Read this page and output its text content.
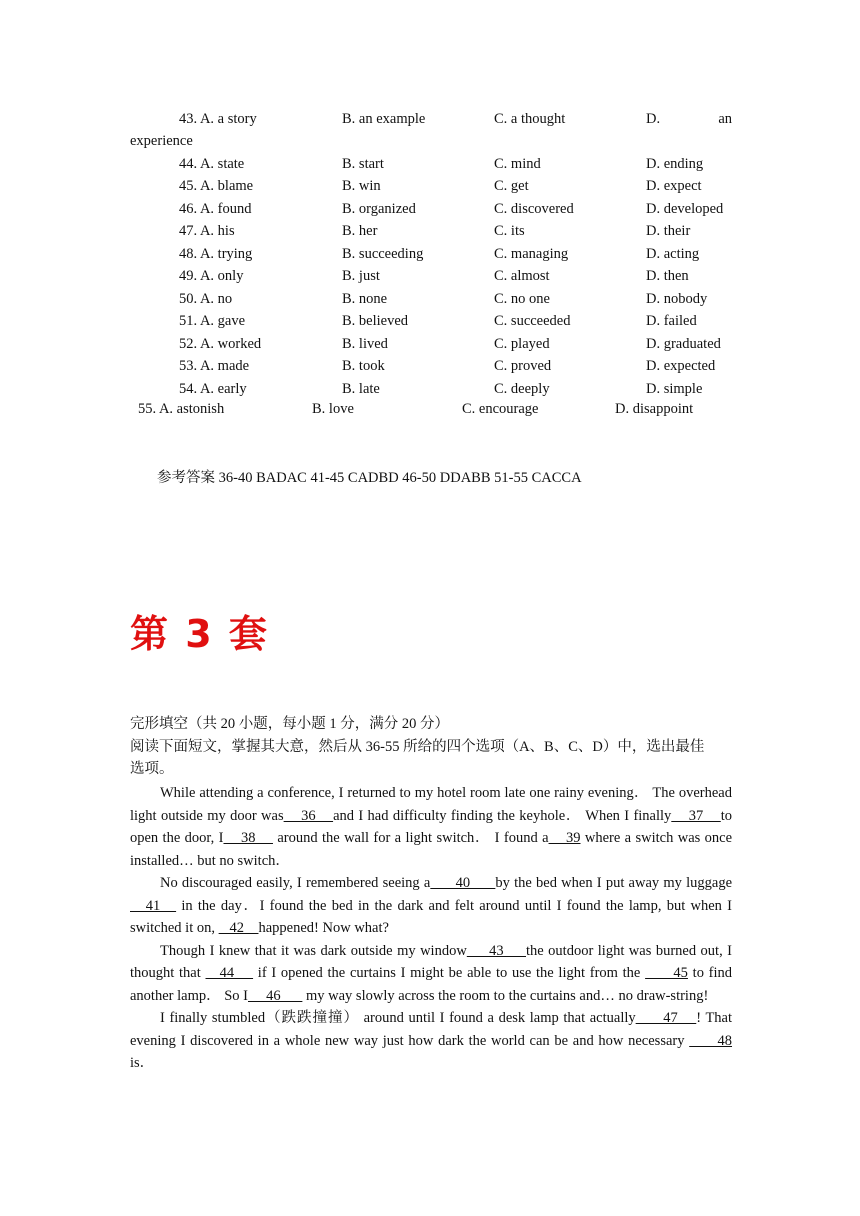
43. A. a story	B. an example	C. a thought	D.	an
experience
44. A. state	B. start	C. mind	D. ending
45. A. blame	B. win	C. get	D. expect
46. A. found	B. organized	C. discovered	D. developed
47. A. his	B. her	C. its	D. their
48. A. trying	B. succeeding	C. managing	D. acting
49. A. only	B. just	C. almost	D. then
50. A. no	B. none	C. no one	D. nobody
51. A. gave	B. believed	C. succeeded	D. failed
52. A. worked	B. lived	C. played	D. graduated
53. A. made	B. took	C. proved	D. expected
54. A. early	B. late	C. deeply	D. simple
55. A. astonish	B. love	C. encourage	D. disappoint
参考答案 36-40 BADAC 41-45 CADBD 46-50 DDABB 51-55 CACCA
第 3 套
完形填空（共 20 小题，每小题 1 分，满分 20 分）
阅读下面短文，掌握其大意，然后从 36-55 所给的四个选项（A、B、C、D）中，选出最佳
选项。

While attending a conference, I returned to my hotel room late one rainy evening． The overhead light outside my door was    36    and I had difficulty finding the keyhole． When I finally    37    to open the door, I    38     around the wall for a light switch． I found a    39 where a switch was once installed… but no switch．

No discouraged easily, I remembered seeing a      40      by the bed when I put away my luggage    41    in the day．I found the bed in the dark and felt around until I found the lamp, but when I switched it on,    42    happened! Now what?

Though I knew that it was dark outside my window     43     the outdoor light was burned out, I thought that    44     if I opened the curtains I might be able to use the light from the       45 to find another lamp． So I     46       my way slowly across the room to the curtains and… no draw-string!

I finally stumbled（跌跌撞撞） around until I found a desk lamp that actually      47    ! That evening I discovered in a whole new way just how dark the world can be and how necessary       48 is．
